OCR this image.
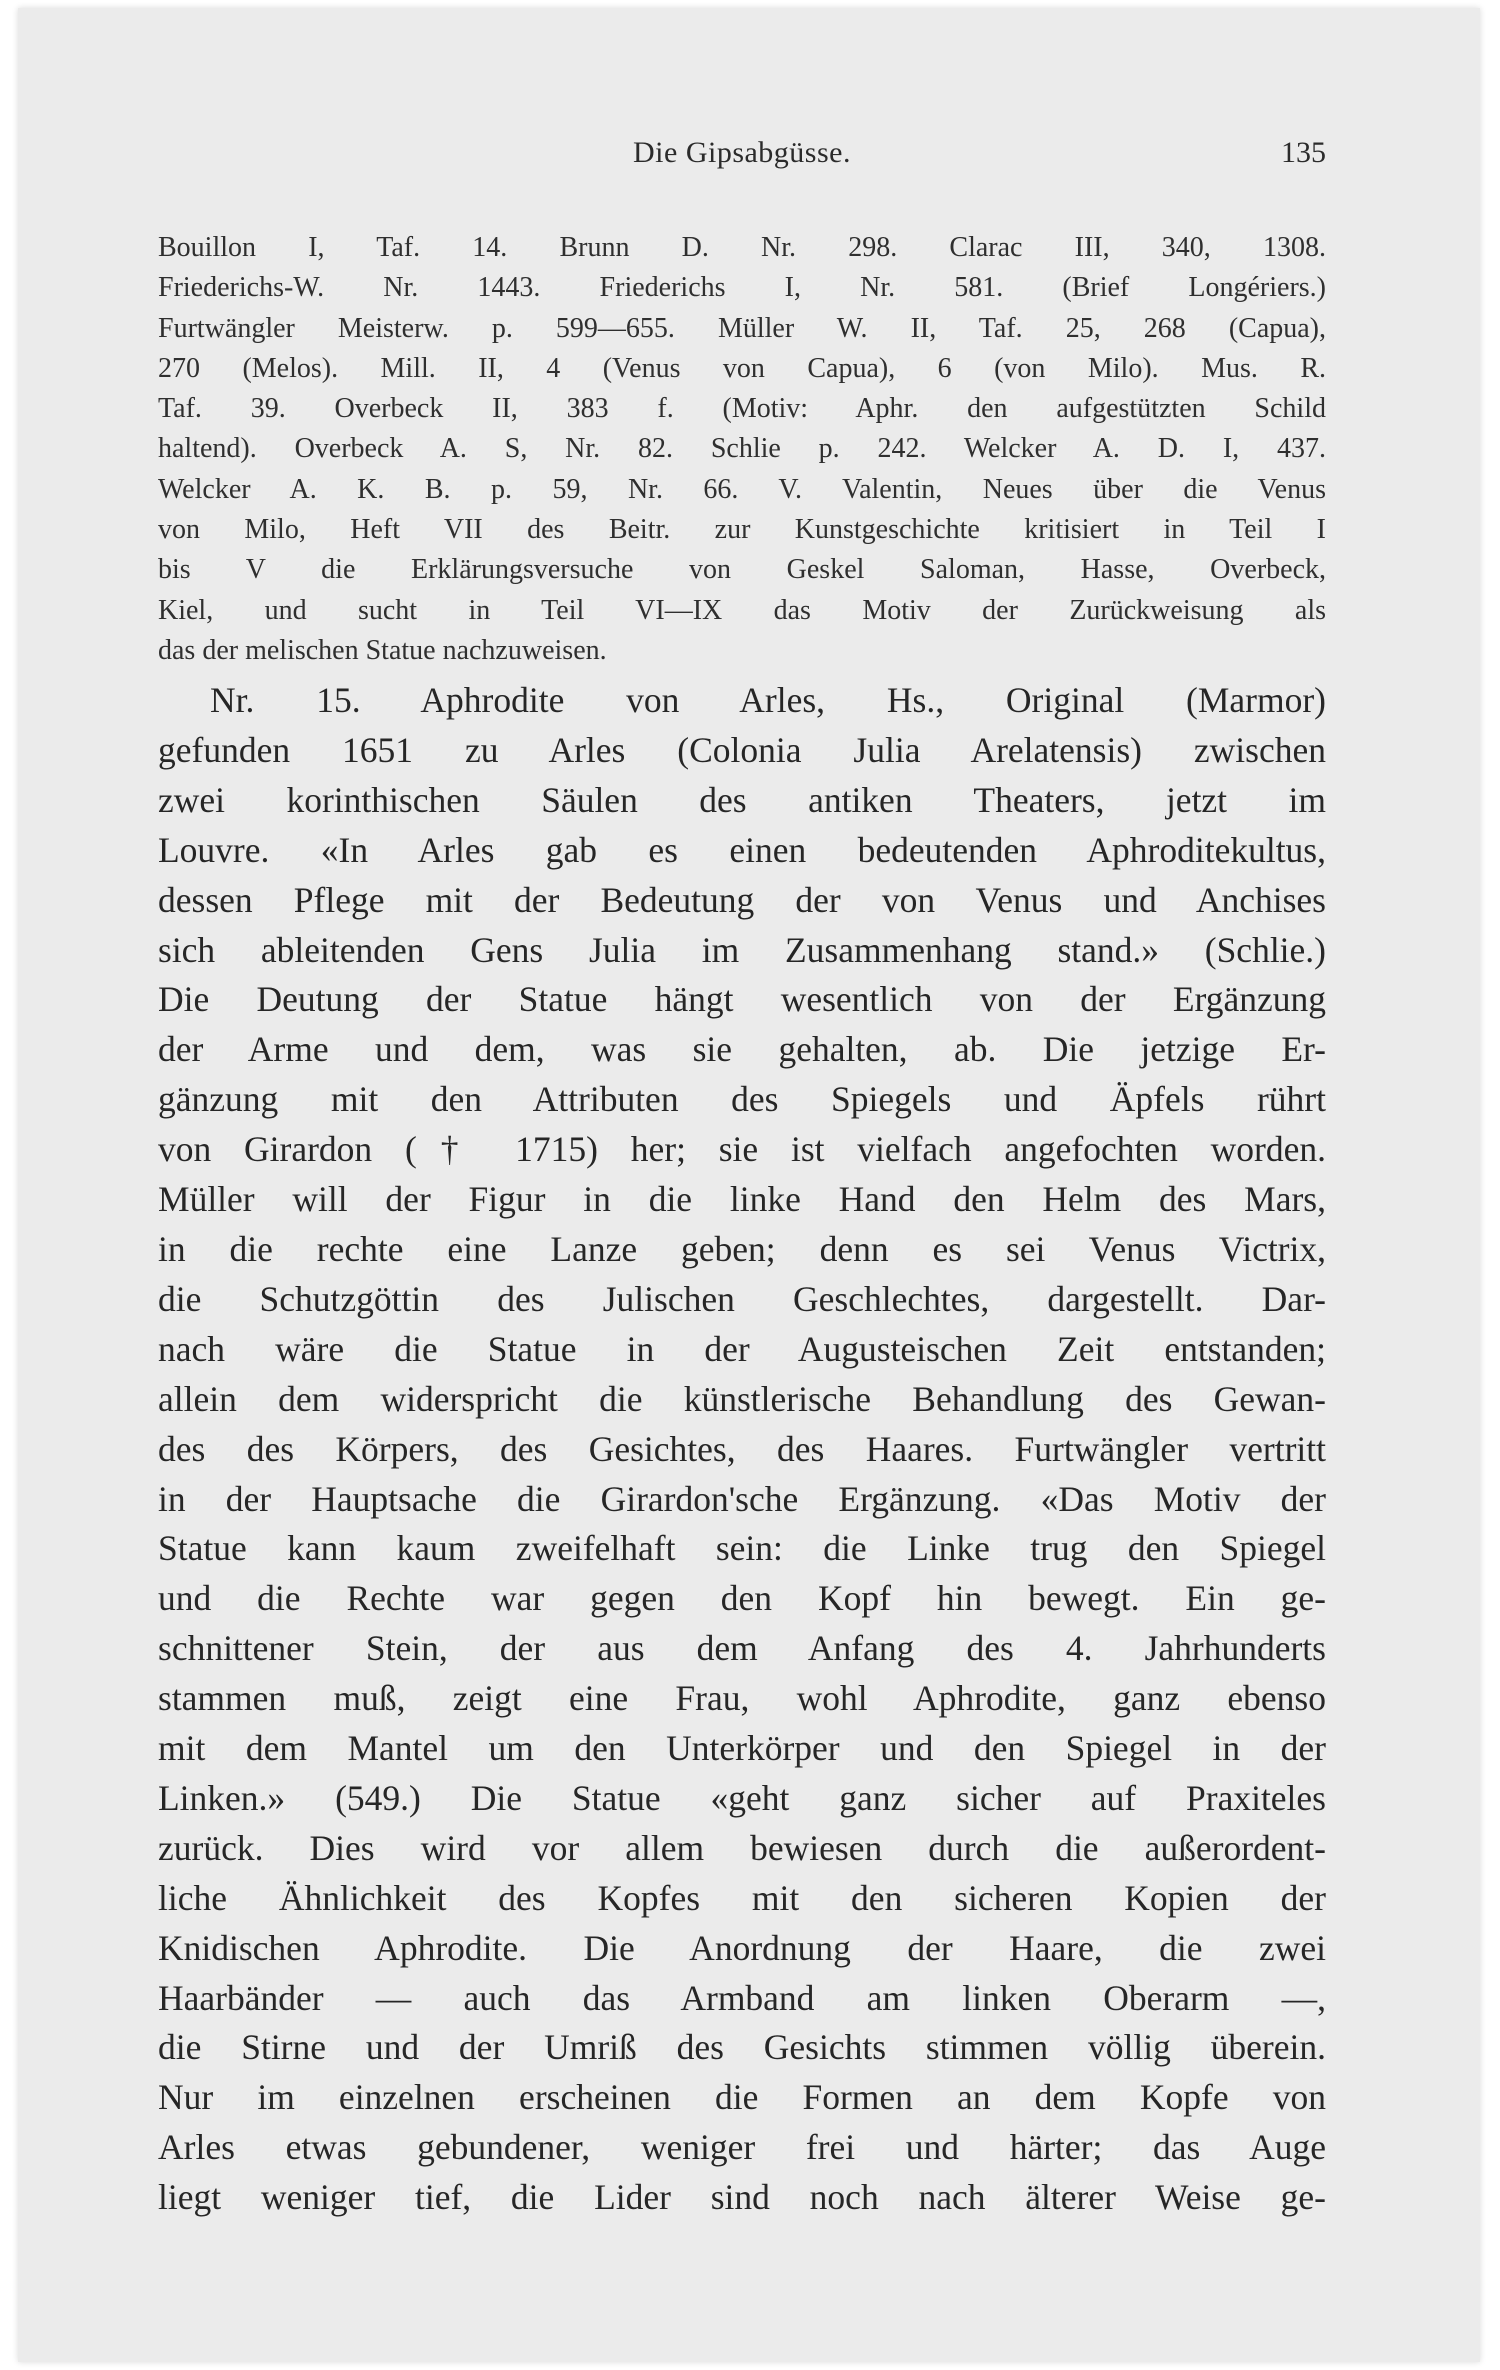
Die Gipsabgüsse.	135
Bouillon I, Taf. 14. Brunn D. Nr. 298. Clarac III, 340, 1308.
Friederichs-W. Nr. 1443. Friederichs I, Nr. 581. (Brief Longériers.)
Furtwängler Meisterw. p. 599—655. Müller W. II, Taf. 25, 268 (Capua),
270 (Melos). Mill. II, 4 (Venus von Capua), 6 (von Milo). Mus. R.
Taf. 39. Overbeck II, 383 f. (Motiv: Aphr. den aufgestützten Schild
haltend). Overbeck A. S, Nr. 82. Schlie p. 242. Welcker A. D. I, 437.
Welcker A. K. B. p. 59, Nr. 66. V. Valentin, Neues über die Venus
von Milo, Heft VII des Beitr. zur Kunstgeschichte kritisiert in Teil I
bis V die Erklärungsversuche von Geskel Saloman, Hasse, Overbeck,
Kiel, und sucht in Teil VI—IX das Motiv der Zurückweisung als
das der melischen Statue nachzuweisen.
Nr. 15. Aphrodite von Arles, Hs., Original (Marmor)
gefunden 1651 zu Arles (Colonia Julia Arelatensis) zwischen
zwei korinthischen Säulen des antiken Theaters, jetzt im
Louvre. «In Arles gab es einen bedeutenden Aphroditekultus,
dessen Pflege mit der Bedeutung der von Venus und Anchises
sich ableitenden Gens Julia im Zusammenhang stand.» (Schlie.)
Die Deutung der Statue hängt wesentlich von der Ergänzung
der Arme und dem, was sie gehalten, ab. Die jetzige Er-
gänzung mit den Attributen des Spiegels und Äpfels rührt
von Girardon († 1715) her; sie ist vielfach angefochten worden.
Müller will der Figur in die linke Hand den Helm des Mars,
in die rechte eine Lanze geben; denn es sei Venus Victrix,
die Schutzgöttin des Julischen Geschlechtes, dargestellt. Dar-
nach wäre die Statue in der Augusteischen Zeit entstanden;
allein dem widerspricht die künstlerische Behandlung des Gewan-
des des Körpers, des Gesichtes, des Haares. Furtwängler vertritt
in der Hauptsache die Girardon'sche Ergänzung. «Das Motiv der
Statue kann kaum zweifelhaft sein: die Linke trug den Spiegel
und die Rechte war gegen den Kopf hin bewegt. Ein ge-
schnittener Stein, der aus dem Anfang des 4. Jahrhunderts
stammen muß, zeigt eine Frau, wohl Aphrodite, ganz ebenso
mit dem Mantel um den Unterkörper und den Spiegel in der
Linken.» (549.) Die Statue «geht ganz sicher auf Praxiteles
zurück. Dies wird vor allem bewiesen durch die außerordent-
liche Ähnlichkeit des Kopfes mit den sicheren Kopien der
Knidischen Aphrodite. Die Anordnung der Haare, die zwei
Haarbänder — auch das Armband am linken Oberarm —,
die Stirne und der Umriß des Gesichts stimmen völlig überein.
Nur im einzelnen erscheinen die Formen an dem Kopfe von
Arles etwas gebundener, weniger frei und härter; das Auge
liegt weniger tief, die Lider sind noch nach älterer Weise ge-
